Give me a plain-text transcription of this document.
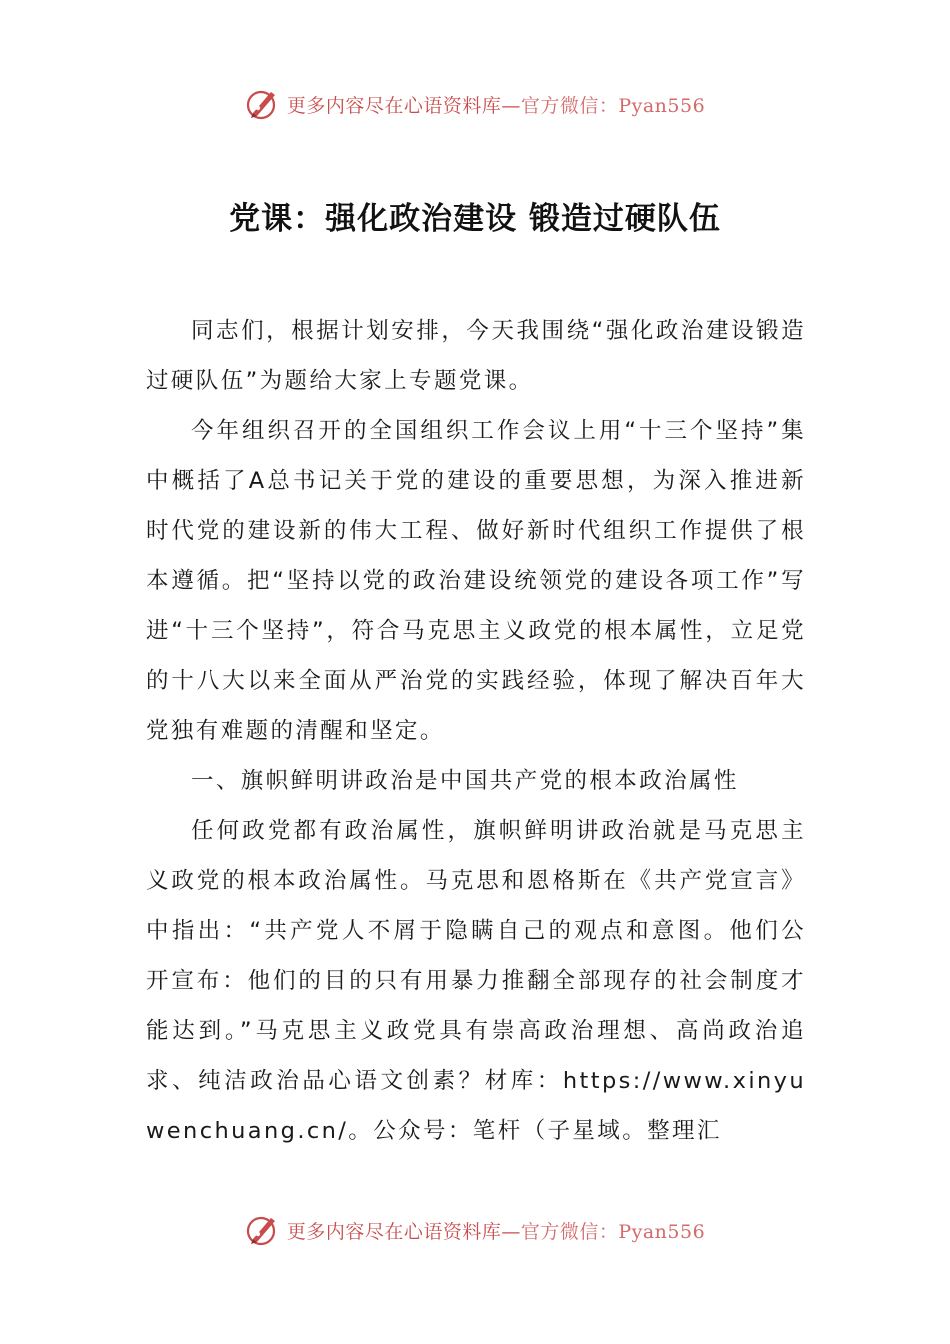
更多内容尽在心语资料库—官方微信：Pyan556
党课：强化政治建设 锻造过硬队伍

同志们，根据计划安排，今天我围绕“强化政治建设锻造过硬队伍”为题给大家上专题党课。

今年组织召开的全国组织工作会议上用“十三个坚持”集中概括了A总书记关于党的建设的重要思想，为深入推进新时代党的建设新的伟大工程、做好新时代组织工作提供了根本遵循。把“坚持以党的政治建设统领党的建设各项工作”写进“十三个坚持”，符合马克思主义政党的根本属性，立足党的十八大以来全面从严治党的实践经验，体现了解决百年大党独有难题的清醒和坚定。

一、旗帜鲜明讲政治是中国共产党的根本政治属性

任何政党都有政治属性，旗帜鲜明讲政治就是马克思主义政党的根本政治属性。马克思和恩格斯在《共产党宣言》中指出：“共产党人不屑于隐瞒自己的观点和意图。他们公开宣布：他们的目的只有用暴力推翻全部现存的社会制度才能达到。”马克思主义政党具有崇高政治理想、高尚政治追求、纯洁政治品心语文创素？材库：https://www.xinyuwenchuang.cn/。公众号：笔杆（子星域。整理汇

更多内容尽在心语资料库—官方微信：Pyan556
